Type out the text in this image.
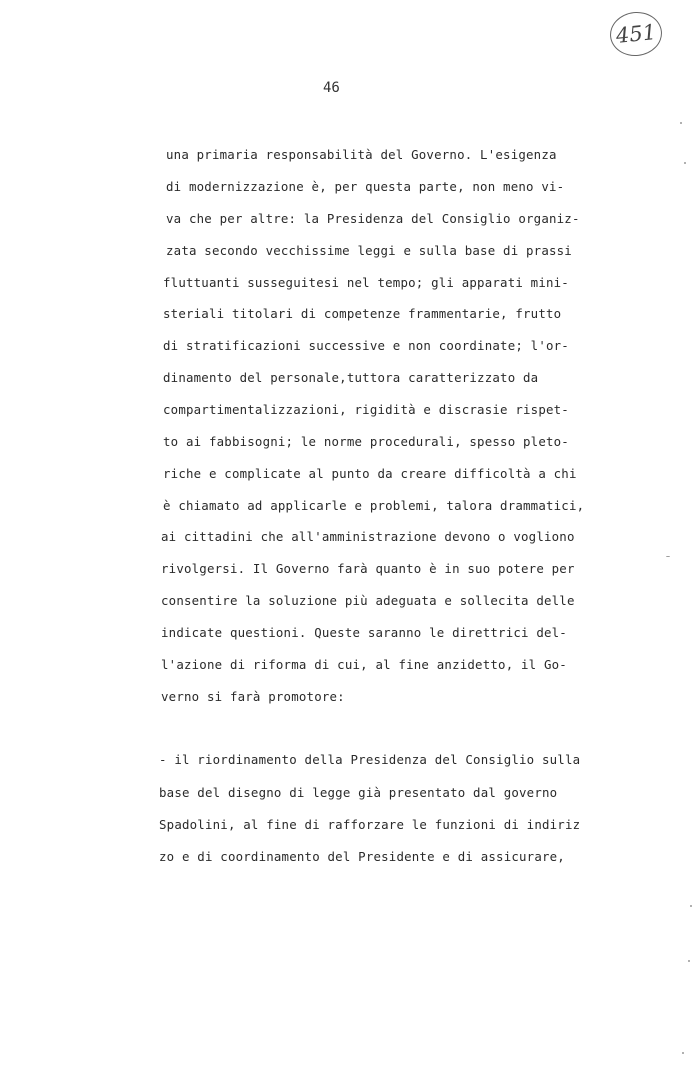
451
46
una primaria responsabilità del Governo. L'esigenza
di modernizzazione è, per questa parte, non meno vi-
va che per altre: la Presidenza del Consiglio organiz-
zata secondo vecchissime leggi e sulla base di prassi
fluttuanti susseguitesi nel tempo; gli apparati mini-
steriali titolari di competenze frammentarie, frutto
di stratificazioni successive e non coordinate; l'or-
dinamento del personale,tuttora caratterizzato da
compartimentalizzazioni, rigidità e discrasie rispet-
to ai fabbisogni; le norme procedurali, spesso pleto-
riche e complicate al punto da creare difficoltà a chi
è chiamato ad applicarle e problemi, talora drammatici,
ai cittadini che all'amministrazione devono o vogliono
rivolgersi. Il Governo farà quanto è in suo potere per
consentire la soluzione più adeguata e sollecita delle
indicate questioni. Queste saranno le direttrici del-
l'azione di riforma di cui, al fine anzidetto, il Go-
verno si farà promotore:
- il riordinamento della Presidenza del Consiglio sulla
base del disegno di legge già presentato dal governo
Spadolini, al fine di rafforzare le funzioni di indiriz
zo e di coordinamento del Presidente e di assicurare,
